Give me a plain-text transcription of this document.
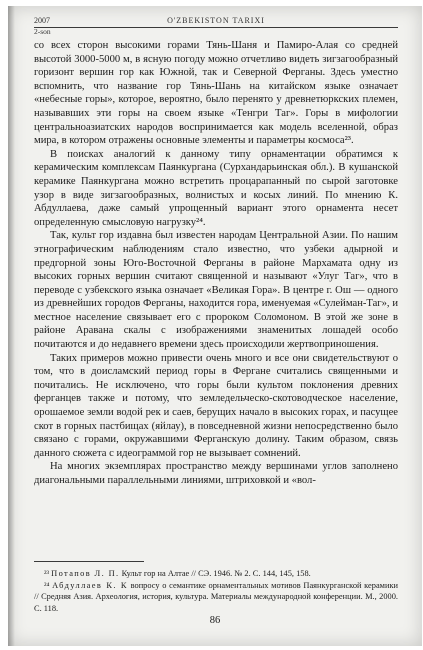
2007	O'ZBEKISTON TARIXI
2-son

со всех сторон высокими горами Тянь-Шаня и Памиро-Алая со средней высотой 3000-5000 м, в ясную погоду можно отчетливо видеть зигзагообразный горизонт вершин гор как Южной, так и Северной Ферганы. Здесь уместно вспомнить, что название гор Тянь-Шань на китайском языке означает «небесные горы», которое, вероятно, было перенято у древнетюркских племен, называвших эти горы на своем языке «Тенгри Таг». Горы в мифологии центральноазиатских народов воспринимается как модель вселенной, образ мира, в котором отражены основные элементы и параметры космоса²³.

В поисках аналогий к данному типу орнаментации обратимся к керамическим комплексам Паянкургана (Сурхандарьинская обл.). В кушанской керамике Паянкургана можно встретить процарапанный по сырой заготовке узор в виде зигзагообразных, волнистых и косых линий. По мнению К. Абдуллаева, даже самый упрощенный вариант этого орнамента несет определенную смысловую нагрузку²⁴.

Так, культ гор издавна был известен народам Центральной Азии. По нашим этнографическим наблюдениям стало известно, что узбеки адырной и предгорной зоны Юго-Восточной Ферганы в районе Мархамата одну из высоких горных вершин считают священной и называют «Улуг Таг», что в переводе с узбекского языка означает «Великая Гора». В центре г. Ош — одного из древнейших городов Ферганы, находится гора, именуемая «Сулейман-Таг», и местное население связывает его с пророком Соломоном. В этой же зоне в районе Аравана скалы с изображениями знаменитых лошадей особо почитаются и до недавнего времени здесь происходили жертвоприношения.

Таких примеров можно привести очень много и все они свидетельствуют о том, что в доисламский период горы в Фергане считались священными и почитались. Не исключено, что горы были культом поклонения древних ферганцев также и потому, что земледельческо-скотоводческое население, орошаемое земли водой рек и саев, берущих начало в высоких горах, и пасущее скот в горных пастбищах (яйлау), в повседневной жизни непосредственно было связано с горами, окружавшими Ферганскую долину. Таким образом, связь данного сюжета с идеограммой гор не вызывает сомнений.

На многих экземплярах пространство между вершинами углов заполнено диагональными параллельными линиями, штриховкой и «вол-

²³ Потапов Л. П. Культ гор на Алтае // СЭ. 1946. № 2. С. 144, 145, 158.

²⁴ Абдуллаев К. К вопросу о семантике орнаментальных мотивов Паянкурганской керамики // Средняя Азия. Археология, история, культура. Материалы международной конференции. М., 2000. С. 118.

86
